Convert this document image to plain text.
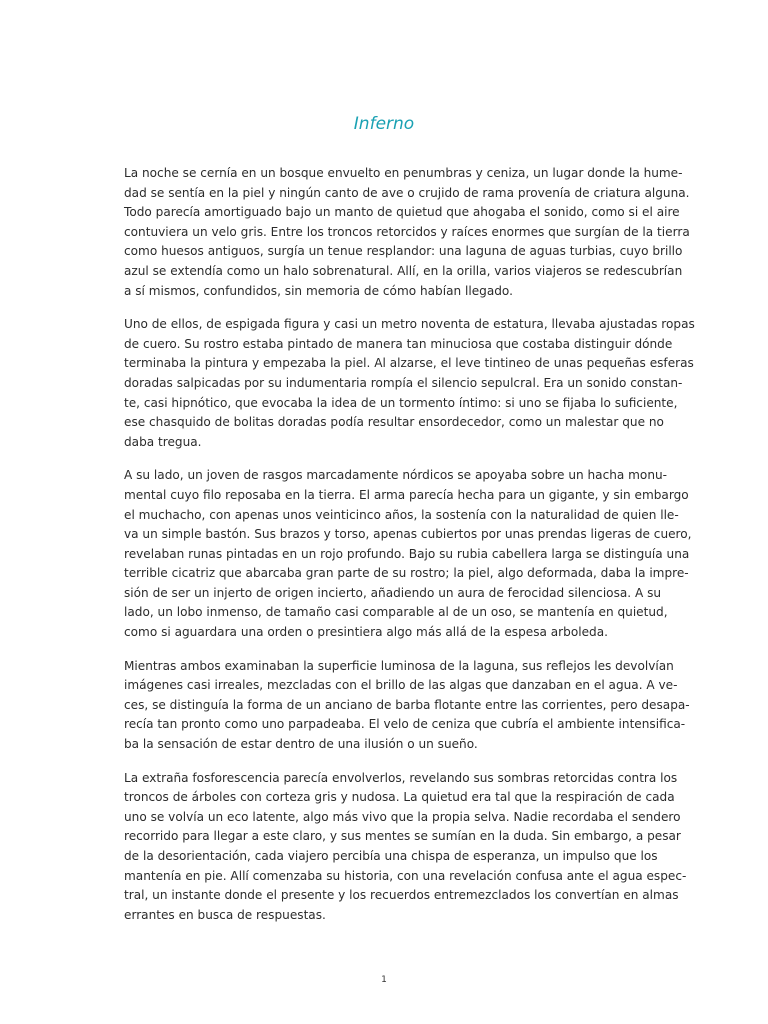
Inferno

La noche se cernía en un bosque envuelto en penumbras y ceniza, un lugar donde la hume-
dad se sentía en la piel y ningún canto de ave o crujido de rama provenía de criatura alguna.
Todo parecía amortiguado bajo un manto de quietud que ahogaba el sonido, como si el aire
contuviera un velo gris. Entre los troncos retorcidos y raíces enormes que surgían de la tierra
como huesos antiguos, surgía un tenue resplandor: una laguna de aguas turbias, cuyo brillo
azul se extendía como un halo sobrenatural. Allí, en la orilla, varios viajeros se redescubrían
a sí mismos, confundidos, sin memoria de cómo habían llegado.

Uno de ellos, de espigada figura y casi un metro noventa de estatura, llevaba ajustadas ropas
de cuero. Su rostro estaba pintado de manera tan minuciosa que costaba distinguir dónde
terminaba la pintura y empezaba la piel. Al alzarse, el leve tintineo de unas pequeñas esferas
doradas salpicadas por su indumentaria rompía el silencio sepulcral. Era un sonido constan-
te, casi hipnótico, que evocaba la idea de un tormento íntimo: si uno se fijaba lo suficiente,
ese chasquido de bolitas doradas podía resultar ensordecedor, como un malestar que no
daba tregua.

A su lado, un joven de rasgos marcadamente nórdicos se apoyaba sobre un hacha monu-
mental cuyo filo reposaba en la tierra. El arma parecía hecha para un gigante, y sin embargo
el muchacho, con apenas unos veinticinco años, la sostenía con la naturalidad de quien lle-
va un simple bastón. Sus brazos y torso, apenas cubiertos por unas prendas ligeras de cuero,
revelaban runas pintadas en un rojo profundo. Bajo su rubia cabellera larga se distinguía una
terrible cicatriz que abarcaba gran parte de su rostro; la piel, algo deformada, daba la impre-
sión de ser un injerto de origen incierto, añadiendo un aura de ferocidad silenciosa. A su
lado, un lobo inmenso, de tamaño casi comparable al de un oso, se mantenía en quietud,
como si aguardara una orden o presintiera algo más allá de la espesa arboleda.

Mientras ambos examinaban la superficie luminosa de la laguna, sus reflejos les devolvían
imágenes casi irreales, mezcladas con el brillo de las algas que danzaban en el agua. A ve-
ces, se distinguía la forma de un anciano de barba flotante entre las corrientes, pero desapa-
recía tan pronto como uno parpadeaba. El velo de ceniza que cubría el ambiente intensifica-
ba la sensación de estar dentro de una ilusión o un sueño.

La extraña fosforescencia parecía envolverlos, revelando sus sombras retorcidas contra los
troncos de árboles con corteza gris y nudosa. La quietud era tal que la respiración de cada
uno se volvía un eco latente, algo más vivo que la propia selva. Nadie recordaba el sendero
recorrido para llegar a este claro, y sus mentes se sumían en la duda. Sin embargo, a pesar
de la desorientación, cada viajero percibía una chispa de esperanza, un impulso que los
mantenía en pie. Allí comenzaba su historia, con una revelación confusa ante el agua espec-
tral, un instante donde el presente y los recuerdos entremezclados los convertían en almas
errantes en busca de respuestas.

1
